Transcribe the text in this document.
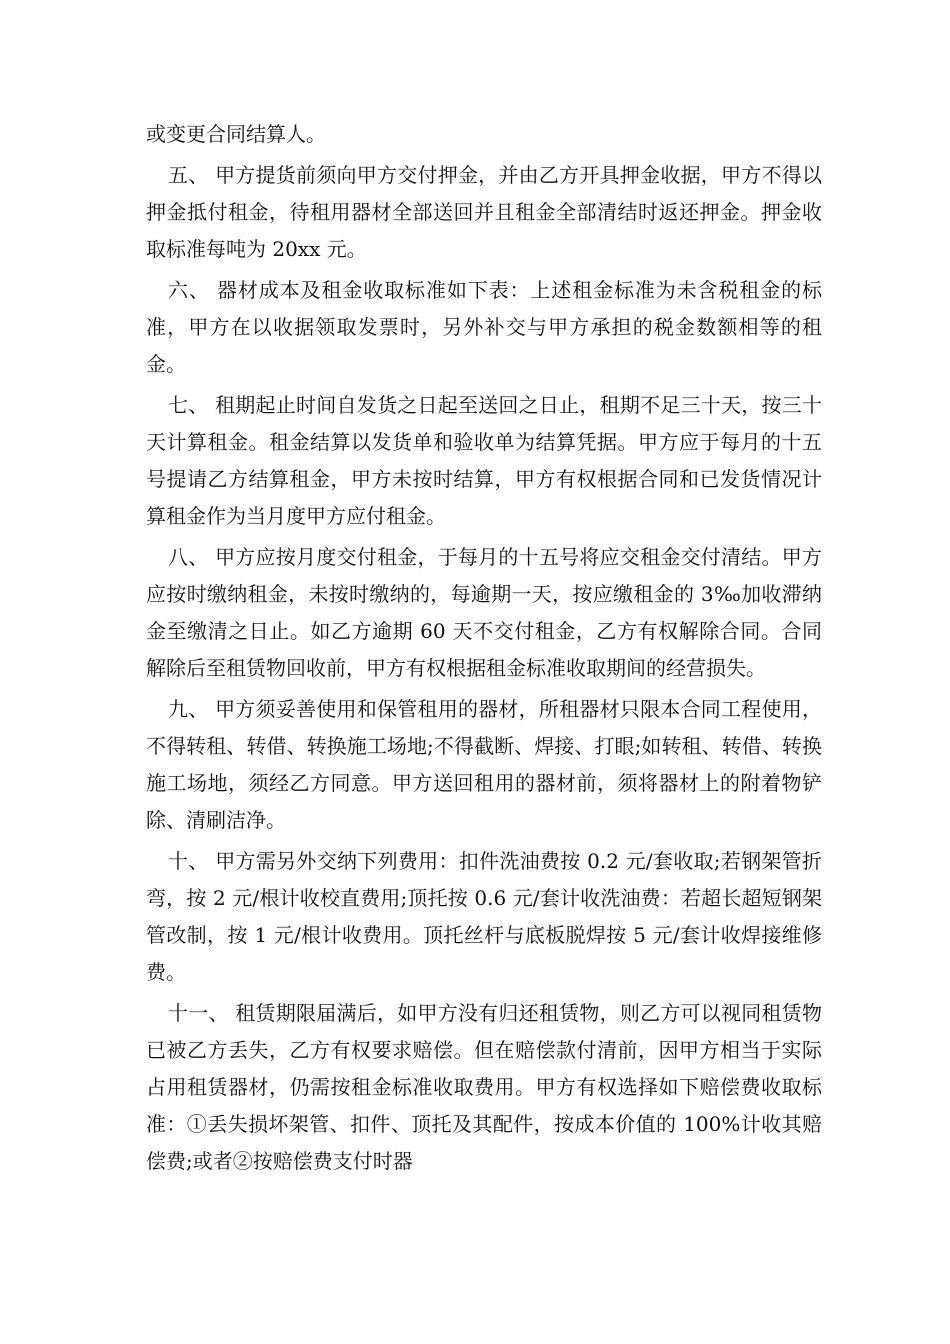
或变更合同结算人。

五、 甲方提货前须向甲方交付押金，并由乙方开具押金收据，甲方不得以押金抵付租金，待租用器材全部送回并且租金全部清结时返还押金。押金收取标准每吨为 20xx 元。

六、 器材成本及租金收取标准如下表：上述租金标准为未含税租金的标准，甲方在以收据领取发票时，另外补交与甲方承担的税金数额相等的租金。

七、 租期起止时间自发货之日起至送回之日止，租期不足三十天，按三十天计算租金。租金结算以发货单和验收单为结算凭据。甲方应于每月的十五号提请乙方结算租金，甲方未按时结算，甲方有权根据合同和已发货情况计算租金作为当月度甲方应付租金。

八、 甲方应按月度交付租金，于每月的十五号将应交租金交付清结。甲方应按时缴纳租金，未按时缴纳的，每逾期一天，按应缴租金的 3‰加收滞纳金至缴清之日止。如乙方逾期 60 天不交付租金，乙方有权解除合同。合同解除后至租赁物回收前，甲方有权根据租金标准收取期间的经营损失。

九、 甲方须妥善使用和保管租用的器材，所租器材只限本合同工程使用，不得转租、转借、转换施工场地;不得截断、焊接、打眼;如转租、转借、转换施工场地，须经乙方同意。甲方送回租用的器材前，须将器材上的附着物铲除、清刷洁净。

十、 甲方需另外交纳下列费用：扣件洗油费按 0.2 元/套收取;若钢架管折弯，按 2 元/根计收校直费用;顶托按 0.6 元/套计收洗油费：若超长超短钢架管改制，按 1 元/根计收费用。顶托丝杆与底板脱焊按 5 元/套计收焊接维修费。

十一、 租赁期限届满后，如甲方没有归还租赁物，则乙方可以视同租赁物已被乙方丢失，乙方有权要求赔偿。但在赔偿款付清前，因甲方相当于实际占用租赁器材，仍需按租金标准收取费用。甲方有权选择如下赔偿费收取标准：①丢失损坏架管、扣件、顶托及其配件，按成本价值的 100%计收其赔偿费;或者②按赔偿费支付时器
